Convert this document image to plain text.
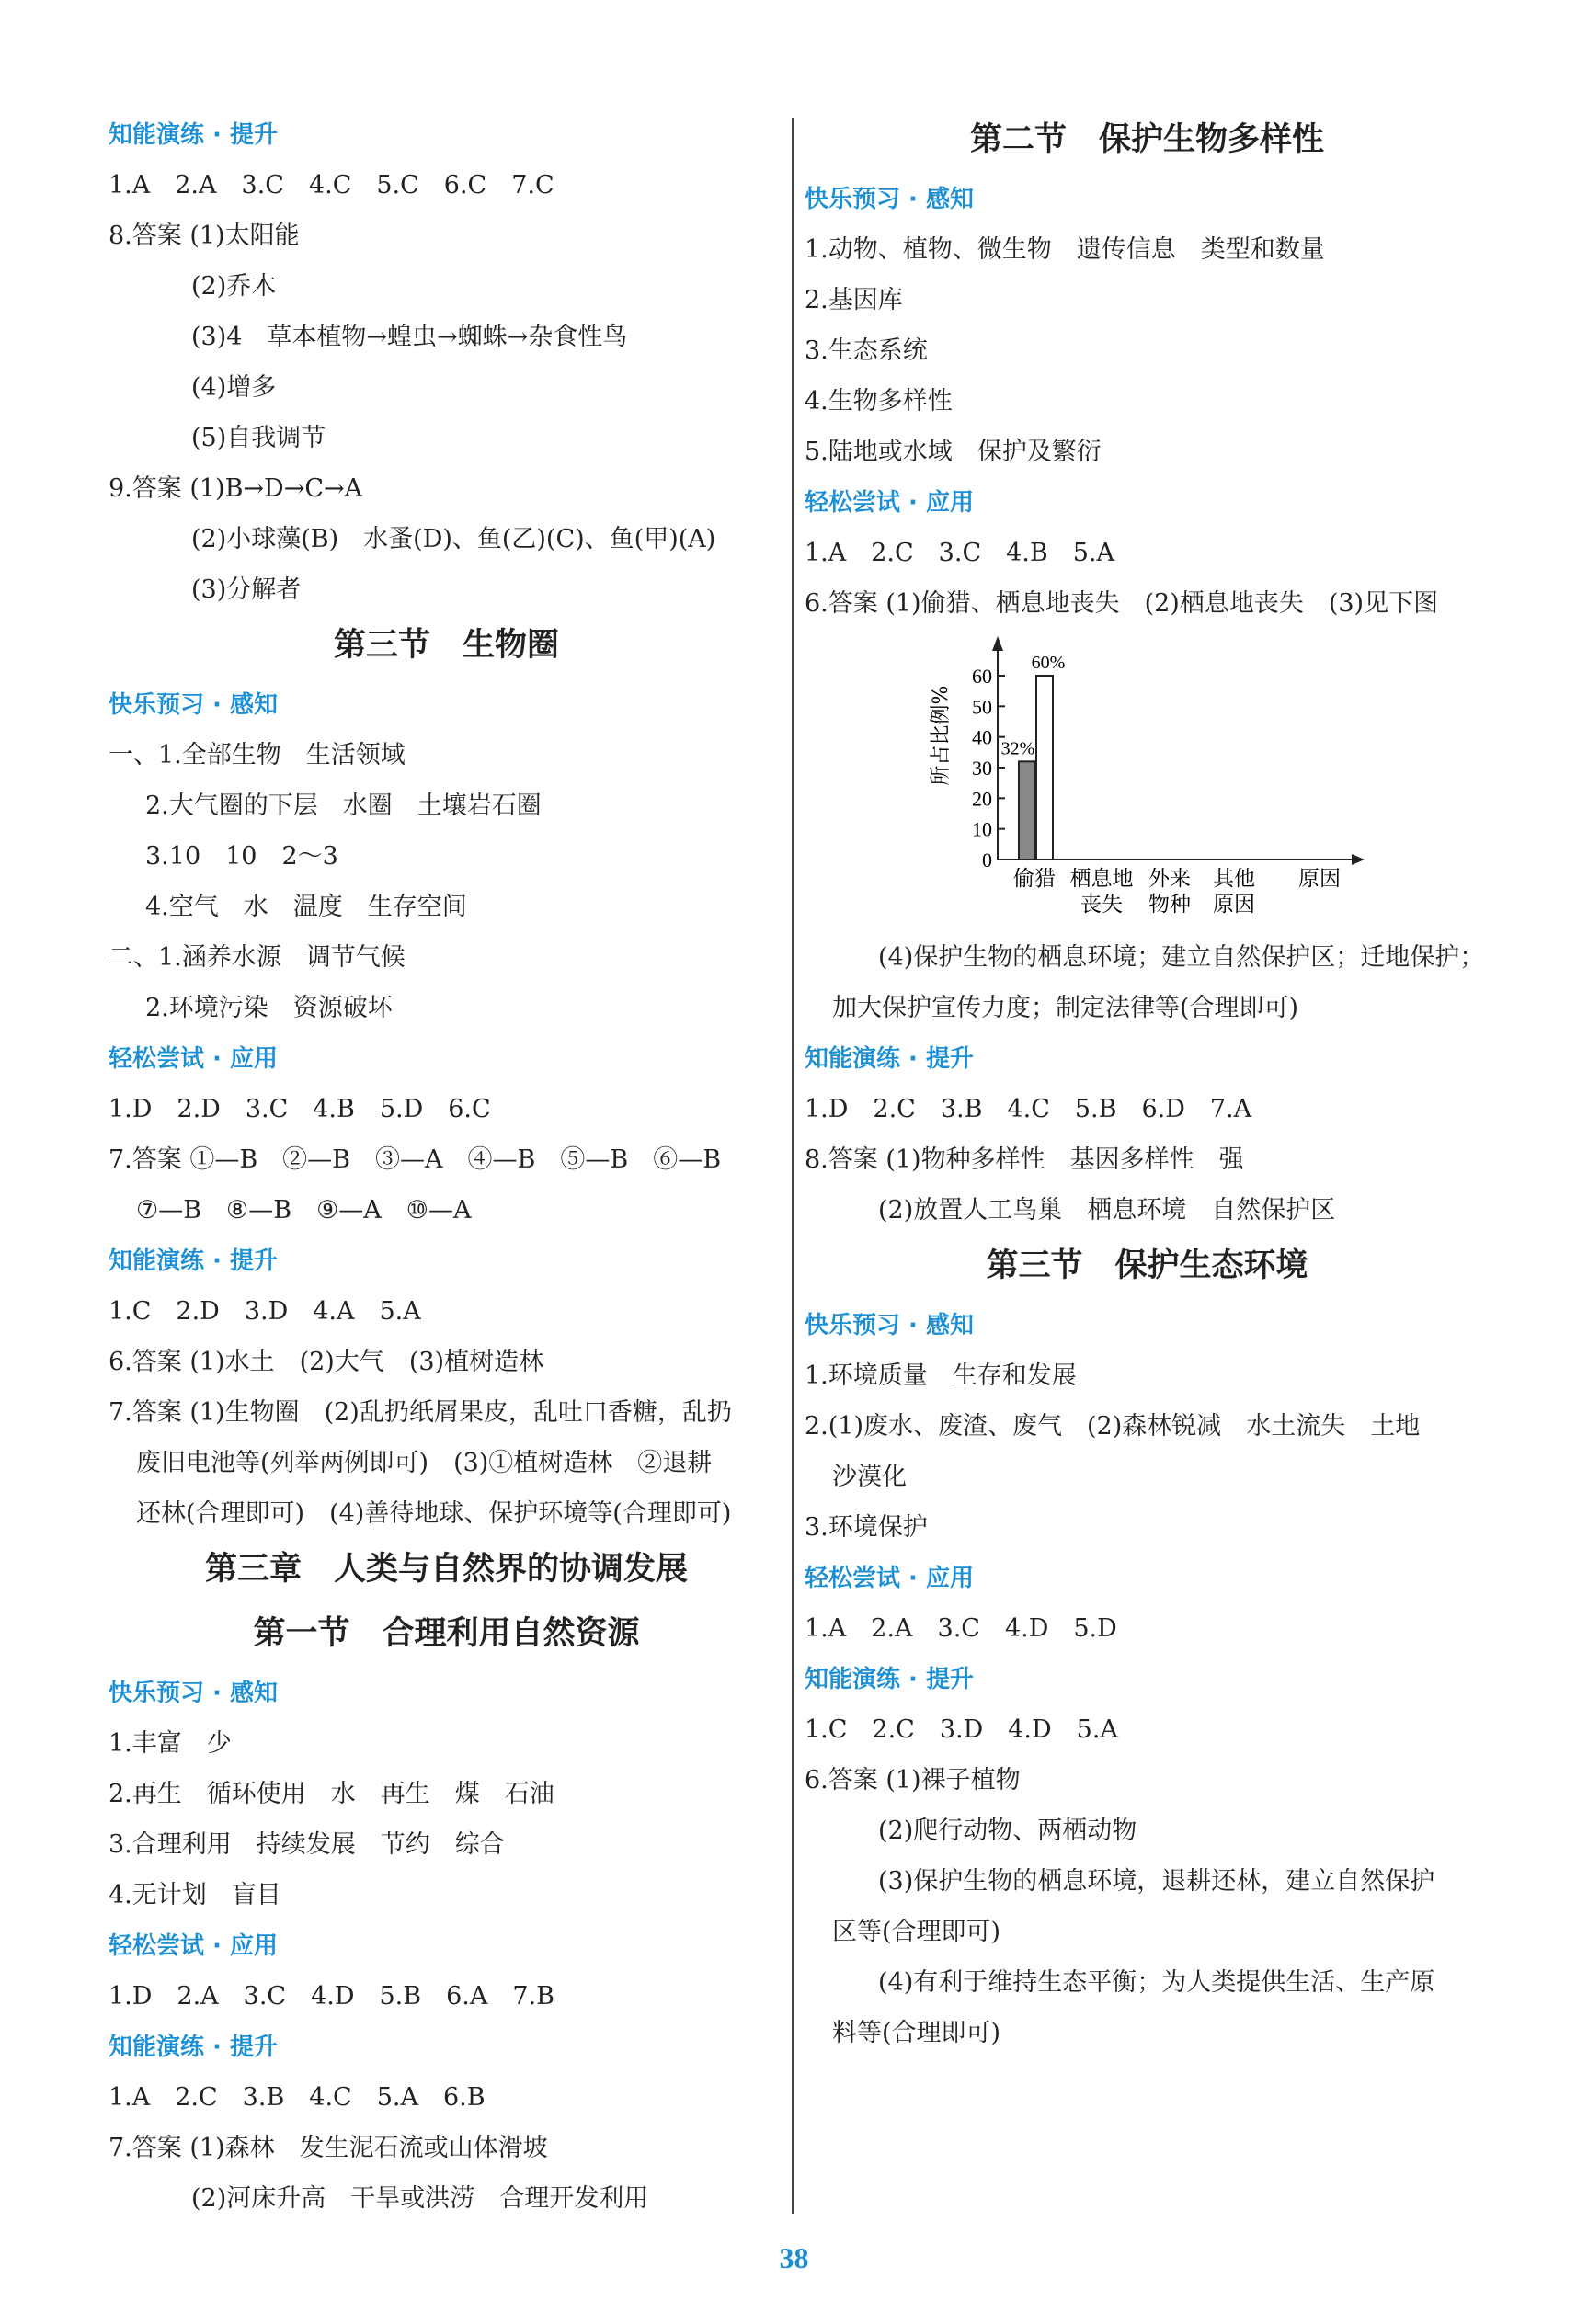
知能演练 · 提升
1.A　2.A　3.C　4.C　5.C　6.C　7.C
8.答案 (1)太阳能
(2)乔木
(3)4　草本植物→蝗虫→蜘蛛→杂食性鸟
(4)增多
(5)自我调节
9.答案 (1)B→D→C→A
(2)小球藻(B)　水蚤(D)、鱼(乙)(C)、鱼(甲)(A)
(3)分解者
第三节　生物圈
快乐预习 · 感知
一、1.全部生物　生活领域
2.大气圈的下层　水圈　土壤岩石圈
3.10　10　2～3
4.空气　水　温度　生存空间
二、1.涵养水源　调节气候
2.环境污染　资源破坏
轻松尝试 · 应用
1.D　2.D　3.C　4.B　5.D　6.C
7.答案 ①—B　②—B　③—A　④—B　⑤—B　⑥—B
⑦—B　⑧—B　⑨—A　⑩—A
知能演练 · 提升
1.C　2.D　3.D　4.A　5.A
6.答案 (1)水土　(2)大气　(3)植树造林
7.答案 (1)生物圈　(2)乱扔纸屑果皮，乱吐口香糖，乱扔
废旧电池等(列举两例即可)　(3)①植树造林　②退耕
还林(合理即可)　(4)善待地球、保护环境等(合理即可)
第三章　人类与自然界的协调发展
第一节　合理利用自然资源
快乐预习 · 感知
1.丰富　少
2.再生　循环使用　水　再生　煤　石油
3.合理利用　持续发展　节约　综合
4.无计划　盲目
轻松尝试 · 应用
1.D　2.A　3.C　4.D　5.B　6.A　7.B
知能演练 · 提升
1.A　2.C　3.B　4.C　5.A　6.B
7.答案 (1)森林　发生泥石流或山体滑坡
(2)河床升高　干旱或洪涝　合理开发利用
第二节　保护生物多样性
快乐预习 · 感知
1.动物、植物、微生物　遗传信息　类型和数量
2.基因库
3.生态系统
4.生物多样性
5.陆地或水域　保护及繁衍
轻松尝试 · 应用
1.A　2.C　3.C　4.B　5.A
6.答案 (1)偷猎、栖息地丧失　(2)栖息地丧失　(3)见下图
(4)保护生物的栖息环境；建立自然保护区；迁地保护；
加大保护宣传力度；制定法律等(合理即可)
知能演练 · 提升
1.D　2.C　3.B　4.C　5.B　6.D　7.A
8.答案 (1)物种多样性　基因多样性　强
(2)放置人工鸟巢　栖息环境　自然保护区
第三节　保护生态环境
快乐预习 · 感知
1.环境质量　生存和发展
2.(1)废水、废渣、废气　(2)森林锐减　水土流失　土地
沙漠化
3.环境保护
轻松尝试 · 应用
1.A　2.A　3.C　4.D　5.D
知能演练 · 提升
1.C　2.C　3.D　4.D　5.A
6.答案 (1)裸子植物
(2)爬行动物、两栖动物
(3)保护生物的栖息环境，退耕还林，建立自然保护
区等(合理即可)
(4)有利于维持生态平衡；为人类提供生活、生产原
料等(合理即可)
0
10
20
30
40
50
60
所占比例%	32%
60%
偷猎 栖息地
丧失
外来
物种
其他
原因
原因
38
